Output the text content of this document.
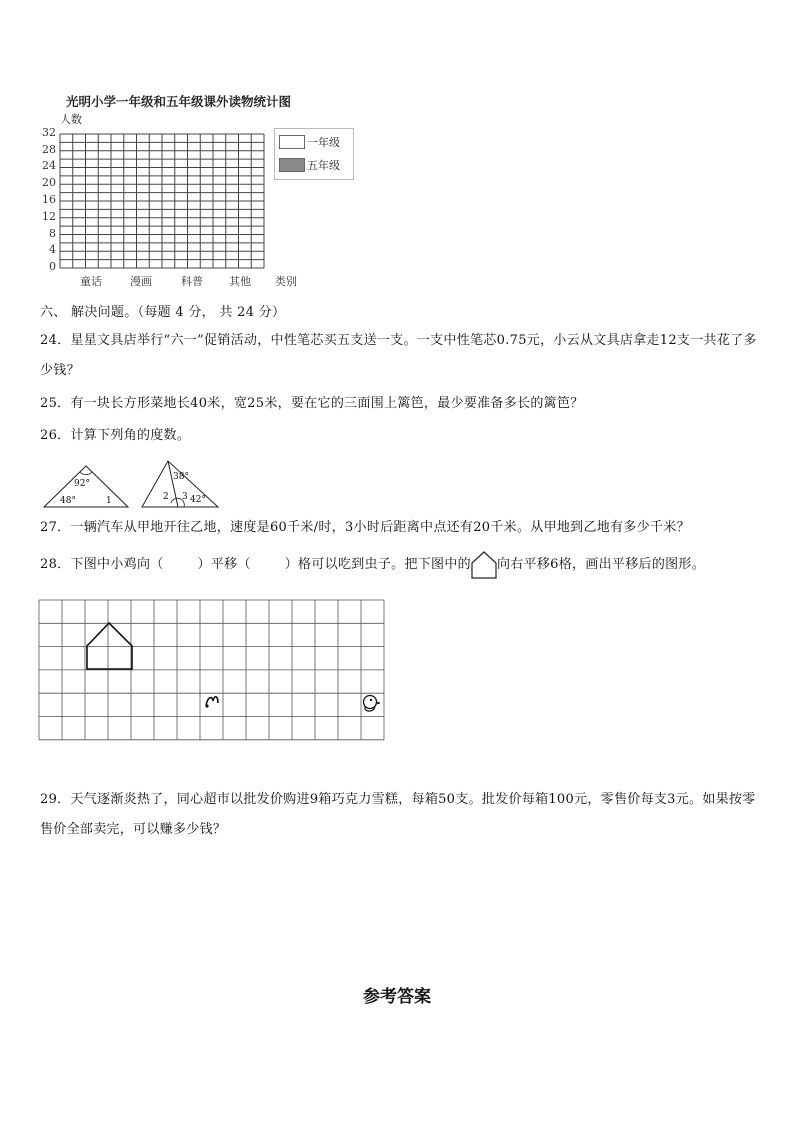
光明小学一年级和五年级课外读物统计图
人数
32
28
24
20
16
12
8
4
0
童话	漫画	科普 其他 类别
一年级
五年级
六、 解决问题。（每题 4 分， 共 24 分）
24．星星文具店举行“六一”促销活动，中性笔芯买五支送一支。一支中性笔芯0.75元，小云从文具店拿走12支一共花了多少钱？
25．有一块长方形菜地长40米，宽25米，要在它的三面围上篱笆，最少要准备多长的篱笆？
26．计算下列角的度数。
92°
48°	1
38°
2 3 42°
27．一辆汽车从甲地开往乙地，速度是60千米/时，3小时后距离中点还有20千米。从甲地到乙地有多少千米？
28．下图中小鸡向（	）平移（	）格可以吃到虫子。把下图中的 向右平移6格，画出平移后的图形。
29．天气逐渐炎热了，同心超市以批发价购进9箱巧克力雪糕，每箱50支。批发价每箱100元，零售价每支3元。如果按零售价全部卖完，可以赚多少钱？
参考答案
